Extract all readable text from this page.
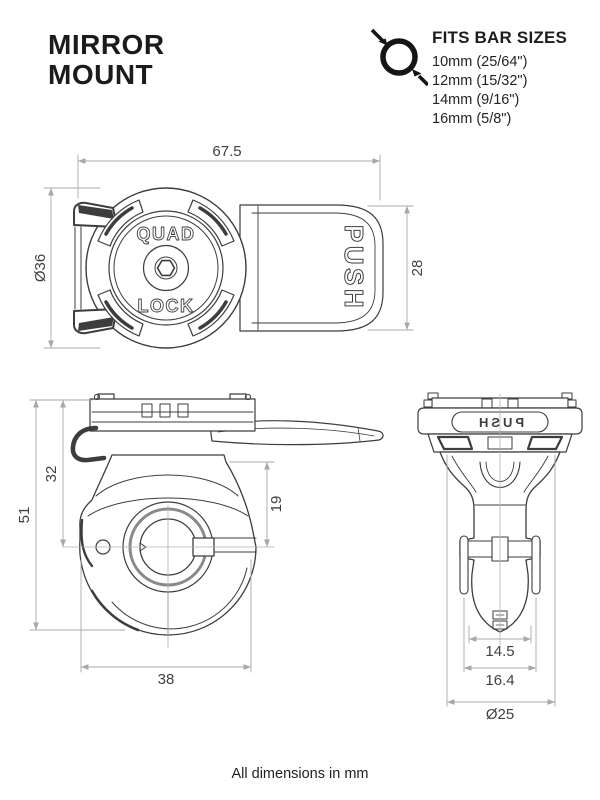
MIRROR
MOUNT
FITS BAR SIZES
10mm (25/64")
12mm (15/32")
14mm (9/16")
16mm (5/8")
PUSH
QUAD
LOCK
67.5
Ø36	28
51
32
19
38
PUSH
14.5
16.4
Ø25
All dimensions in mm
